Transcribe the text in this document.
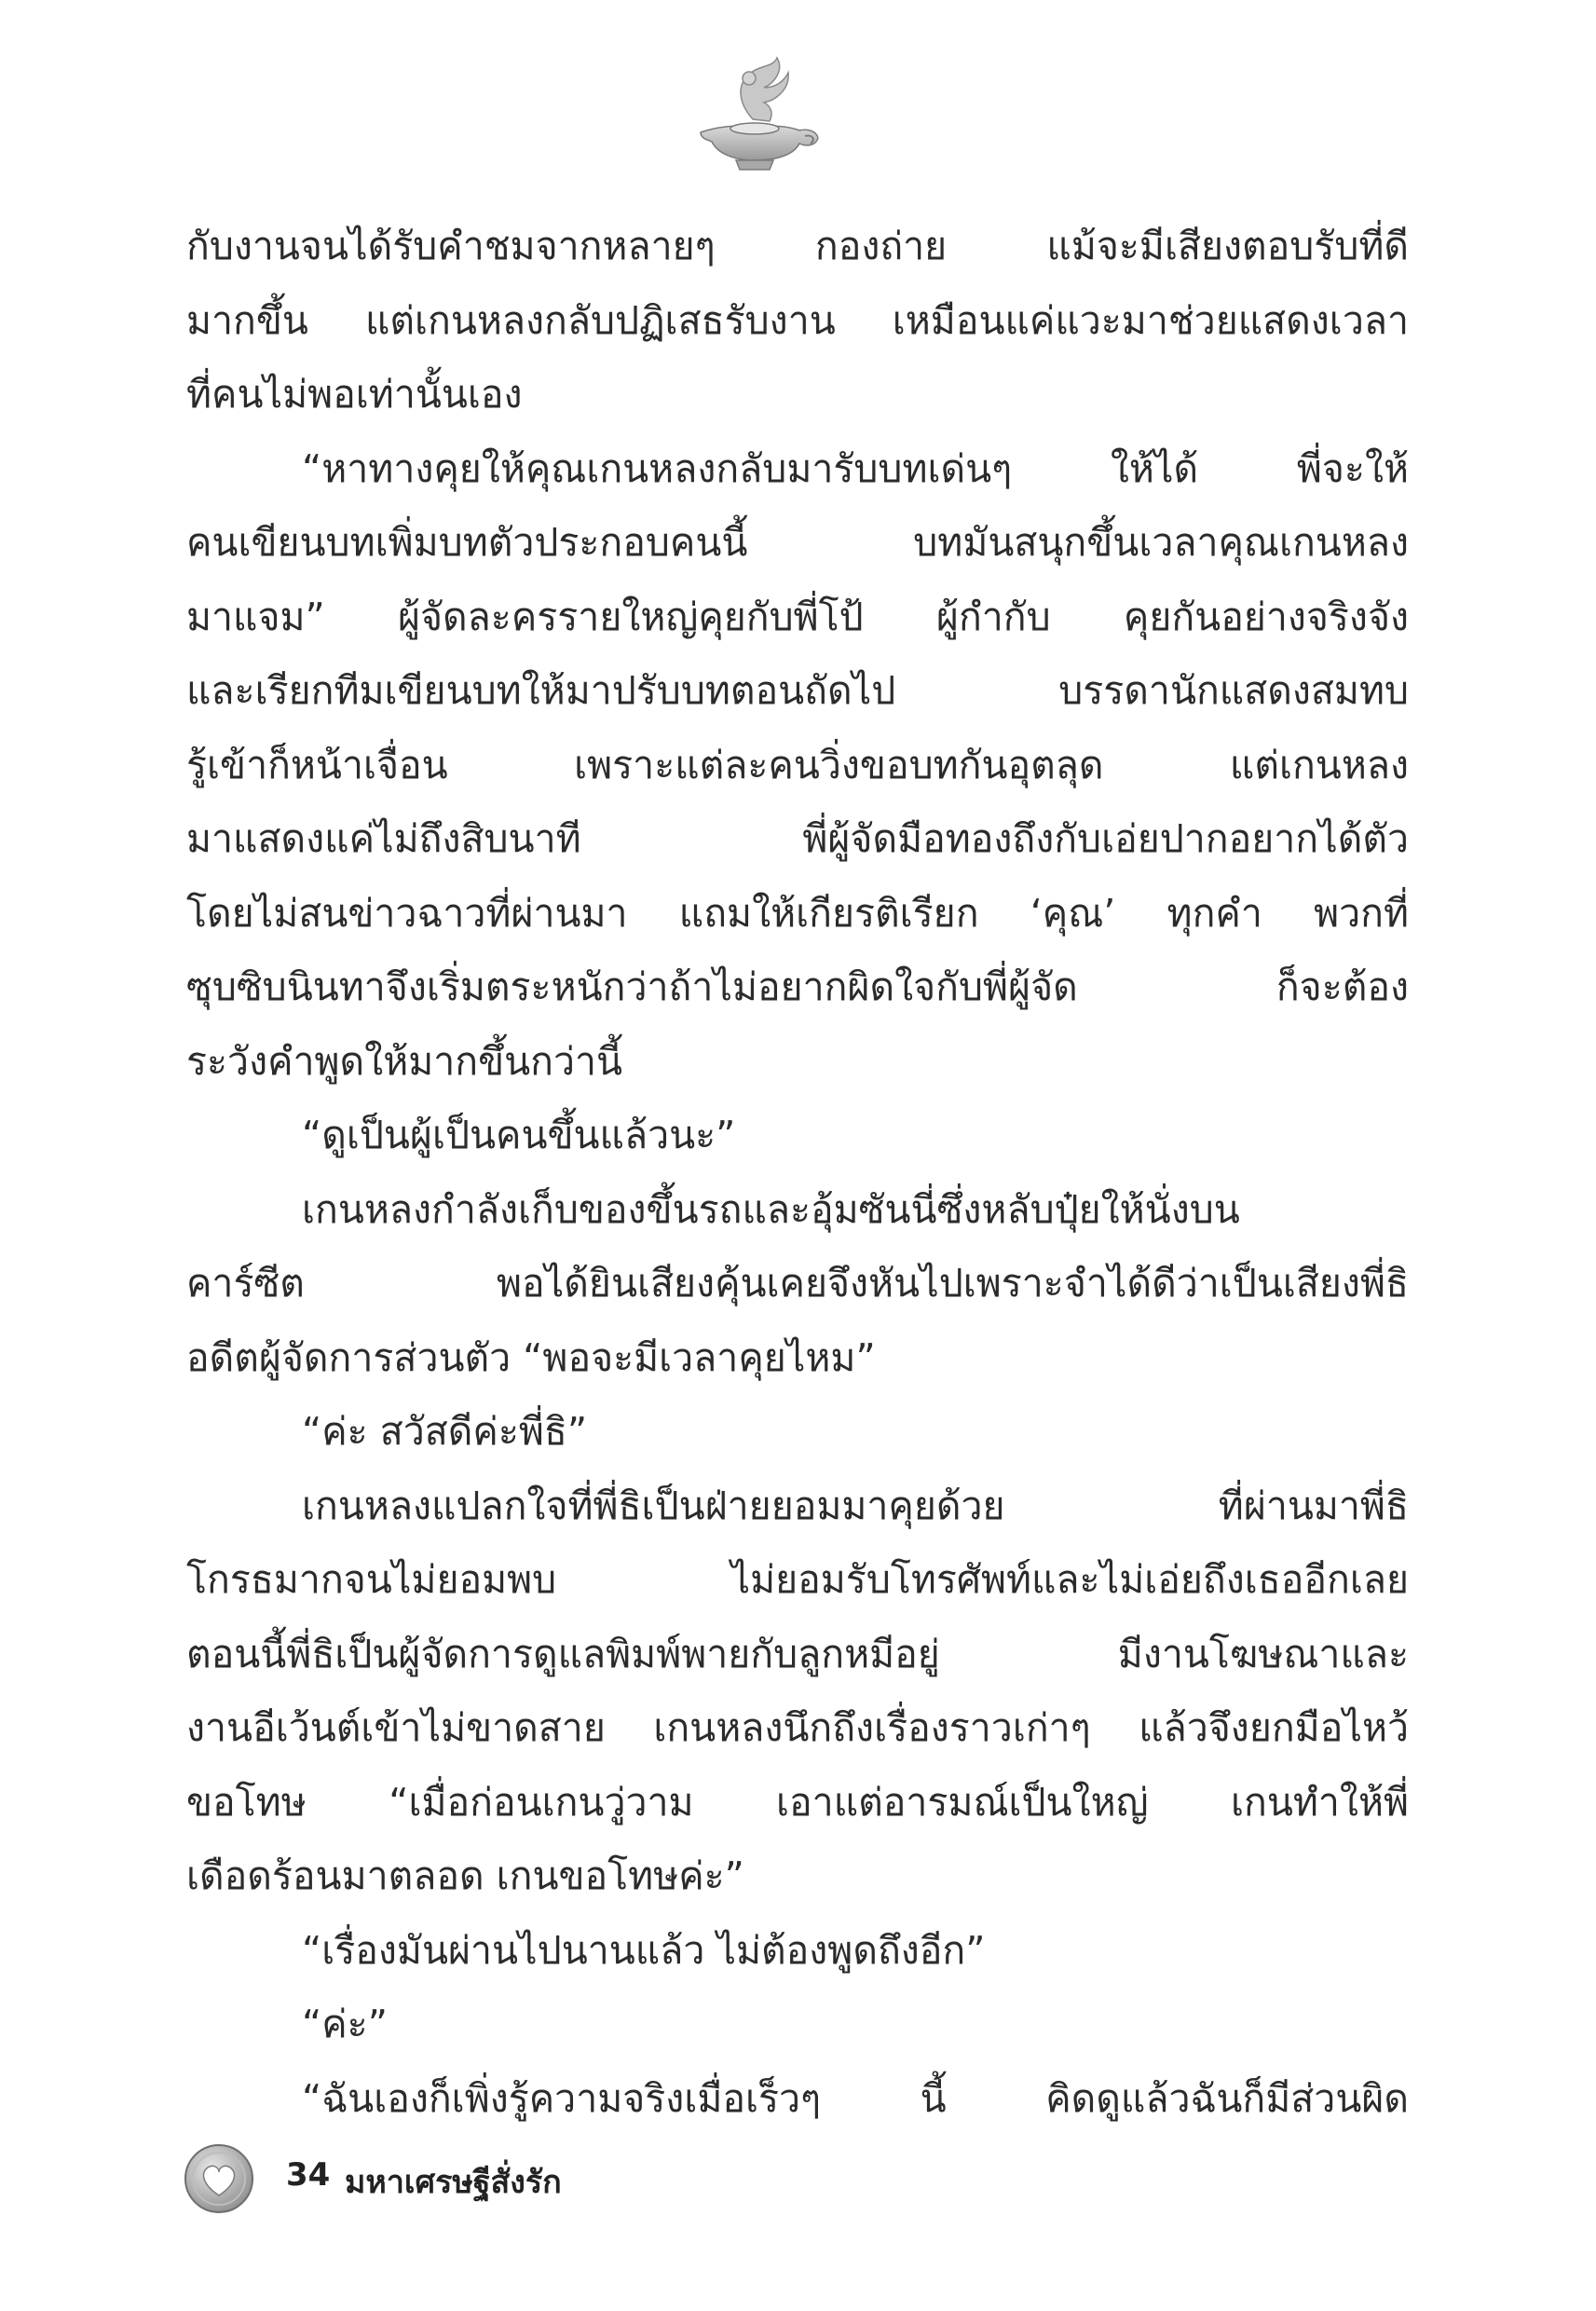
กับงานจนได้รับคำชมจากหลายๆ กองถ่าย แม้จะมีเสียงตอบรับที่ดี
มากขึ้น แต่เกนหลงกลับปฏิเสธรับงาน เหมือนแค่แวะมาช่วยแสดงเวลา
ที่คนไม่พอเท่านั้นเอง
“หาทางคุยให้คุณเกนหลงกลับมารับบทเด่นๆ ให้ได้ พี่จะให้
คนเขียนบทเพิ่มบทตัวประกอบคนนี้ บทมันสนุกขึ้นเวลาคุณเกนหลง
มาแจม” ผู้จัดละครรายใหญ่คุยกับพี่โป้ ผู้กำกับ คุยกันอย่างจริงจัง
และเรียกทีมเขียนบทให้มาปรับบทตอนถัดไป บรรดานักแสดงสมทบ
รู้เข้าก็หน้าเจื่อน เพราะแต่ละคนวิ่งขอบทกันอุตลุด แต่เกนหลง
มาแสดงแค่ไม่ถึงสิบนาที พี่ผู้จัดมือทองถึงกับเอ่ยปากอยากได้ตัว
โดยไม่สนข่าวฉาวที่ผ่านมา แถมให้เกียรติเรียก ‘คุณ’ ทุกคำ พวกที่
ซุบซิบนินทาจึงเริ่มตระหนักว่าถ้าไม่อยากผิดใจกับพี่ผู้จัด ก็จะต้อง
ระวังคำพูดให้มากขึ้นกว่านี้
“ดูเป็นผู้เป็นคนขึ้นแล้วนะ”
เกนหลงกำลังเก็บของขึ้นรถและอุ้มซันนี่ซึ่งหลับปุ๋ยให้นั่งบน
คาร์ซีต พอได้ยินเสียงคุ้นเคยจึงหันไปเพราะจำได้ดีว่าเป็นเสียงพี่ธิ
อดีตผู้จัดการส่วนตัว “พอจะมีเวลาคุยไหม”
“ค่ะ สวัสดีค่ะพี่ธิ”
เกนหลงแปลกใจที่พี่ธิเป็นฝ่ายยอมมาคุยด้วย ที่ผ่านมาพี่ธิ
โกรธมากจนไม่ยอมพบ ไม่ยอมรับโทรศัพท์และไม่เอ่ยถึงเธออีกเลย
ตอนนี้พี่ธิเป็นผู้จัดการดูแลพิมพ์พายกับลูกหมีอยู่ มีงานโฆษณาและ
งานอีเว้นต์เข้าไม่ขาดสาย เกนหลงนึกถึงเรื่องราวเก่าๆ แล้วจึงยกมือไหว้
ขอโทษ “เมื่อก่อนเกนวู่วาม เอาแต่อารมณ์เป็นใหญ่ เกนทำให้พี่
เดือดร้อนมาตลอด เกนขอโทษค่ะ”
“เรื่องมันผ่านไปนานแล้ว ไม่ต้องพูดถึงอีก”
“ค่ะ”
“ฉันเองก็เพิ่งรู้ความจริงเมื่อเร็วๆ นี้ คิดดูแล้วฉันก็มีส่วนผิด
34 มหาเศรษฐีสั่งรัก
